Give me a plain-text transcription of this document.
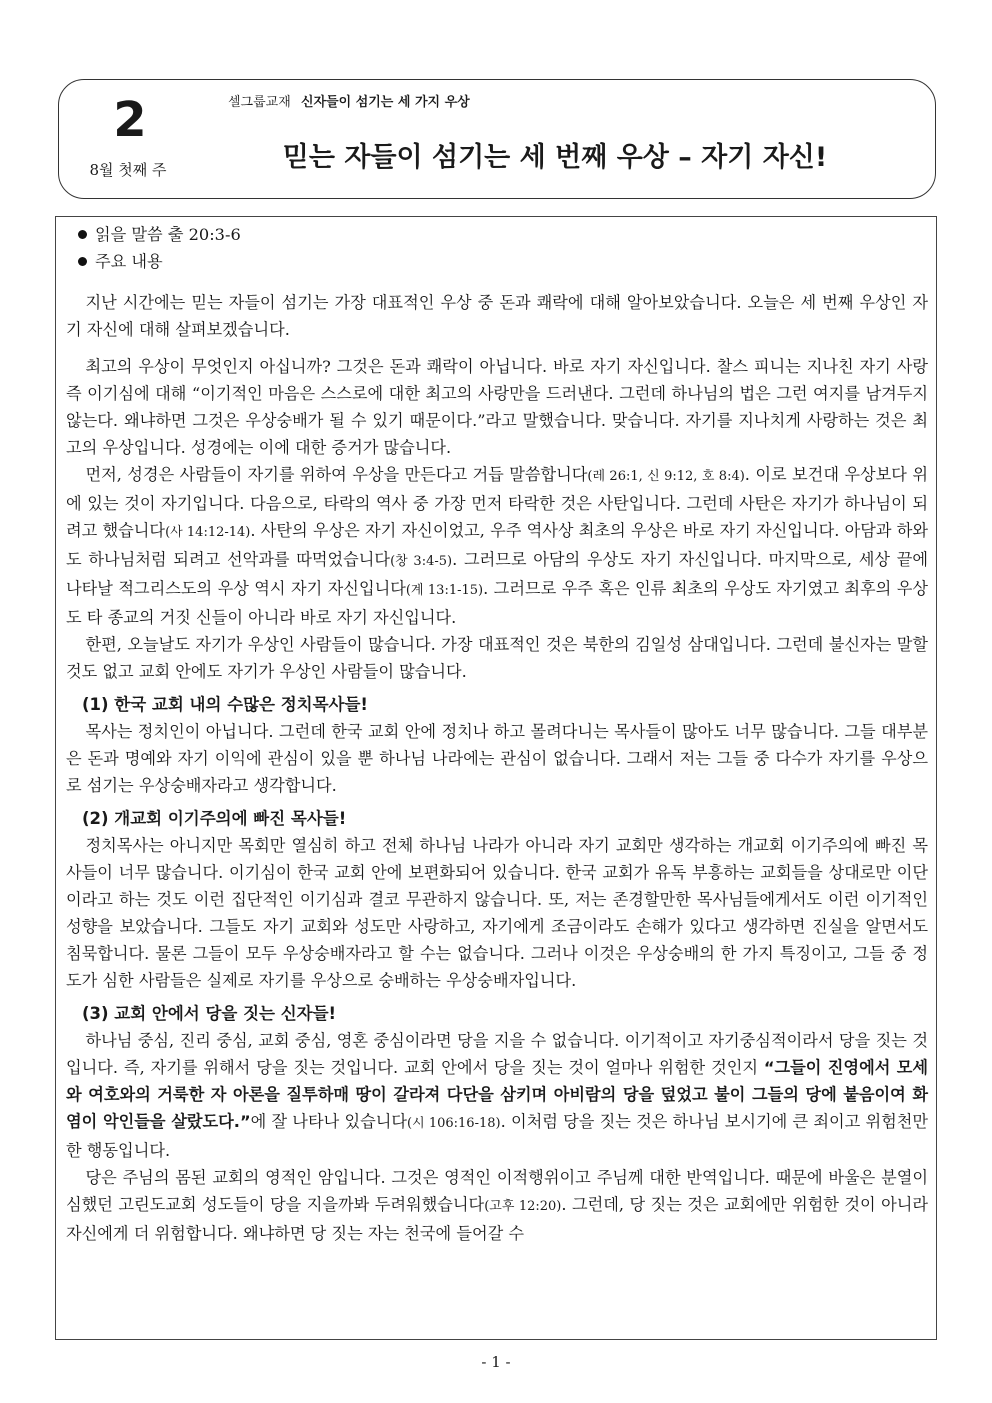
2
8월 첫째 주
셀그룹교재 신자들이 섬기는 세 가지 우상
믿는 자들이 섬기는 세 번째 우상 – 자기 자신!
읽을 말씀 출 20:3-6
주요 내용

지난 시간에는 믿는 자들이 섬기는 가장 대표적인 우상 중 돈과 쾌락에 대해 알아보았습니다. 오늘은 세 번째 우상인 자기 자신에 대해 살펴보겠습니다.

최고의 우상이 무엇인지 아십니까? 그것은 돈과 쾌락이 아닙니다. 바로 자기 자신입니다. 찰스 피니는 지나친 자기 사랑 즉 이기심에 대해 “이기적인 마음은 스스로에 대한 최고의 사랑만을 드러낸다. 그런데 하나님의 법은 그런 여지를 남겨두지 않는다. 왜냐하면 그것은 우상숭배가 될 수 있기 때문이다.”라고 말했습니다. 맞습니다. 자기를 지나치게 사랑하는 것은 최고의 우상입니다. 성경에는 이에 대한 증거가 많습니다.

먼저, 성경은 사람들이 자기를 위하여 우상을 만든다고 거듭 말씀합니다(레 26:1, 신 9:12, 호 8:4). 이로 보건대 우상보다 위에 있는 것이 자기입니다. 다음으로, 타락의 역사 중 가장 먼저 타락한 것은 사탄입니다. 그런데 사탄은 자기가 하나님이 되려고 했습니다(사 14:12-14). 사탄의 우상은 자기 자신이었고, 우주 역사상 최초의 우상은 바로 자기 자신입니다. 아담과 하와도 하나님처럼 되려고 선악과를 따먹었습니다(창 3:4-5). 그러므로 아담의 우상도 자기 자신입니다. 마지막으로, 세상 끝에 나타날 적그리스도의 우상 역시 자기 자신입니다(계 13:1-15). 그러므로 우주 혹은 인류 최초의 우상도 자기였고 최후의 우상도 타 종교의 거짓 신들이 아니라 바로 자기 자신입니다.

한편, 오늘날도 자기가 우상인 사람들이 많습니다. 가장 대표적인 것은 북한의 김일성 삼대입니다. 그런데 불신자는 말할 것도 없고 교회 안에도 자기가 우상인 사람들이 많습니다.

(1) 한국 교회 내의 수많은 정치목사들!

목사는 정치인이 아닙니다. 그런데 한국 교회 안에 정치나 하고 몰려다니는 목사들이 많아도 너무 많습니다. 그들 대부분은 돈과 명예와 자기 이익에 관심이 있을 뿐 하나님 나라에는 관심이 없습니다. 그래서 저는 그들 중 다수가 자기를 우상으로 섬기는 우상숭배자라고 생각합니다.

(2) 개교회 이기주의에 빠진 목사들!

정치목사는 아니지만 목회만 열심히 하고 전체 하나님 나라가 아니라 자기 교회만 생각하는 개교회 이기주의에 빠진 목사들이 너무 많습니다. 이기심이 한국 교회 안에 보편화되어 있습니다. 한국 교회가 유독 부흥하는 교회들을 상대로만 이단이라고 하는 것도 이런 집단적인 이기심과 결코 무관하지 않습니다. 또, 저는 존경할만한 목사님들에게서도 이런 이기적인 성향을 보았습니다. 그들도 자기 교회와 성도만 사랑하고, 자기에게 조금이라도 손해가 있다고 생각하면 진실을 알면서도 침묵합니다. 물론 그들이 모두 우상숭배자라고 할 수는 없습니다. 그러나 이것은 우상숭배의 한 가지 특징이고, 그들 중 정도가 심한 사람들은 실제로 자기를 우상으로 숭배하는 우상숭배자입니다.

(3) 교회 안에서 당을 짓는 신자들!

하나님 중심, 진리 중심, 교회 중심, 영혼 중심이라면 당을 지을 수 없습니다. 이기적이고 자기중심적이라서 당을 짓는 것입니다. 즉, 자기를 위해서 당을 짓는 것입니다. 교회 안에서 당을 짓는 것이 얼마나 위험한 것인지 “그들이 진영에서 모세와 여호와의 거룩한 자 아론을 질투하매 땅이 갈라져 다단을 삼키며 아비람의 당을 덮었고 불이 그들의 당에 붙음이여 화염이 악인들을 살랐도다.”에 잘 나타나 있습니다(시 106:16-18). 이처럼 당을 짓는 것은 하나님 보시기에 큰 죄이고 위험천만한 행동입니다.

당은 주님의 몸된 교회의 영적인 암입니다. 그것은 영적인 이적행위이고 주님께 대한 반역입니다. 때문에 바울은 분열이 심했던 고린도교회 성도들이 당을 지을까봐 두려워했습니다(고후 12:20). 그런데, 당 짓는 것은 교회에만 위험한 것이 아니라 자신에게 더 위험합니다. 왜냐하면 당 짓는 자는 천국에 들어갈 수

- 1 -
